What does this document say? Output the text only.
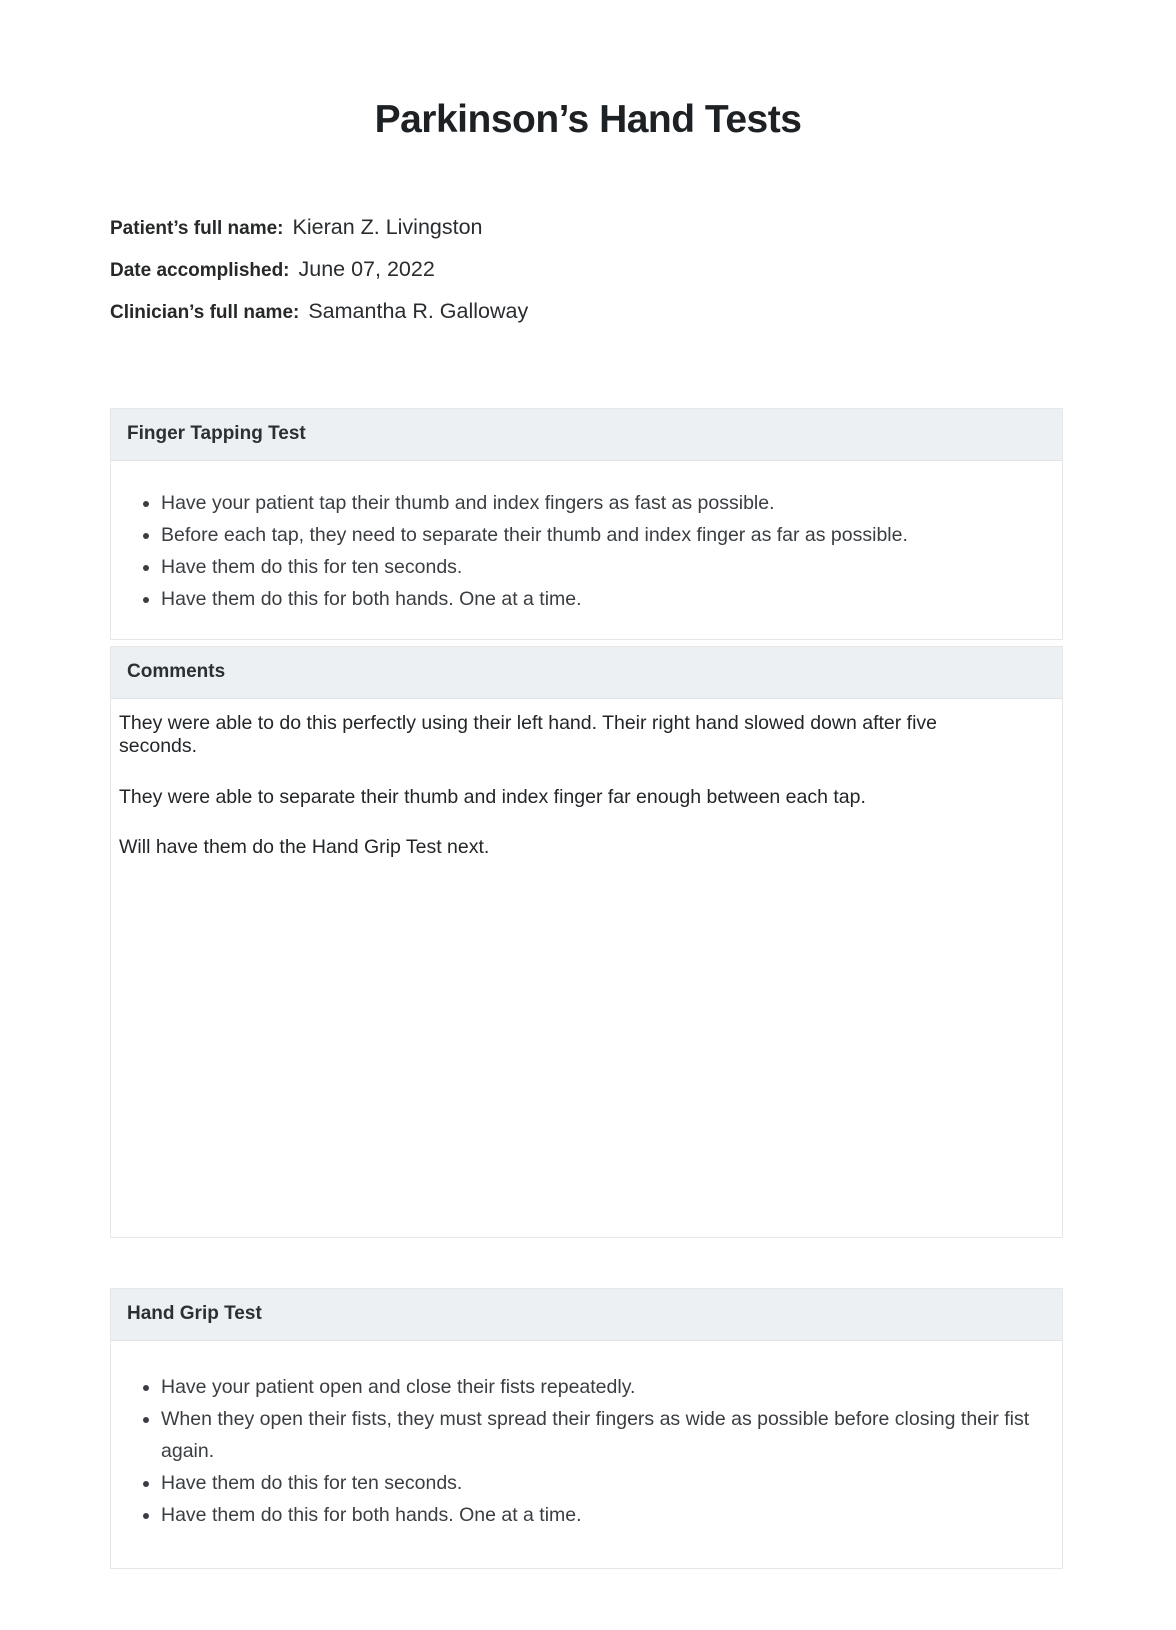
Parkinson’s Hand Tests
Patient’s full name: Kieran Z. Livingston
Date accomplished: June 07, 2022
Clinician’s full name: Samantha R. Galloway
Finger Tapping Test
• Have your patient tap their thumb and index fingers as fast as possible.
• Before each tap, they need to separate their thumb and index finger as far as possible.
• Have them do this for ten seconds.
• Have them do this for both hands. One at a time.
Comments

They were able to do this perfectly using their left hand. Their right hand slowed down after five seconds.

They were able to separate their thumb and index finger far enough between each tap.

Will have them do the Hand Grip Test next.

Hand Grip Test
• Have your patient open and close their fists repeatedly.
• When they open their fists, they must spread their fingers as wide as possible before closing their fist again.
• Have them do this for ten seconds.
• Have them do this for both hands. One at a time.
